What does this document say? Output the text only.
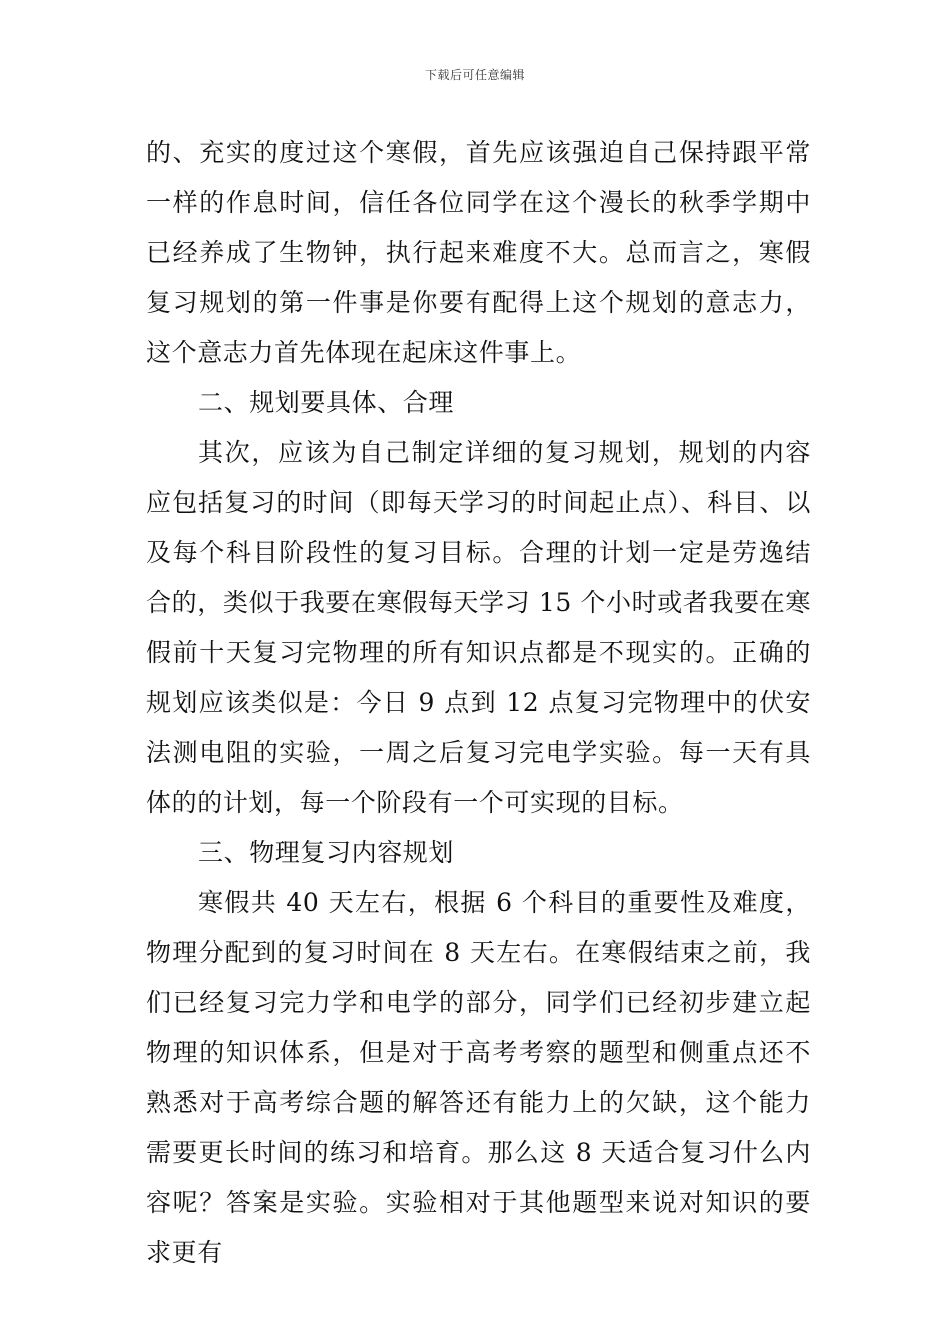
下载后可任意编辑

的、充实的度过这个寒假，首先应该强迫自己保持跟平常一样的作息时间，信任各位同学在这个漫长的秋季学期中已经养成了生物钟，执行起来难度不大。总而言之，寒假复习规划的第一件事是你要有配得上这个规划的意志力，这个意志力首先体现在起床这件事上。

二、规划要具体、合理

其次，应该为自己制定详细的复习规划，规划的内容应包括复习的时间（即每天学习的时间起止点）、科目、以及每个科目阶段性的复习目标。合理的计划一定是劳逸结合的，类似于我要在寒假每天学习 15 个小时或者我要在寒假前十天复习完物理的所有知识点都是不现实的。正确的规划应该类似是：今日 9 点到 12 点复习完物理中的伏安法测电阻的实验，一周之后复习完电学实验。每一天有具体的的计划，每一个阶段有一个可实现的目标。

三、物理复习内容规划

寒假共 40 天左右，根据 6 个科目的重要性及难度，物理分配到的复习时间在 8 天左右。在寒假结束之前，我们已经复习完力学和电学的部分，同学们已经初步建立起物理的知识体系，但是对于高考考察的题型和侧重点还不熟悉对于高考综合题的解答还有能力上的欠缺，这个能力需要更长时间的练习和培育。那么这 8 天适合复习什么内容呢？答案是实验。实验相对于其他题型来说对知识的要求更有
